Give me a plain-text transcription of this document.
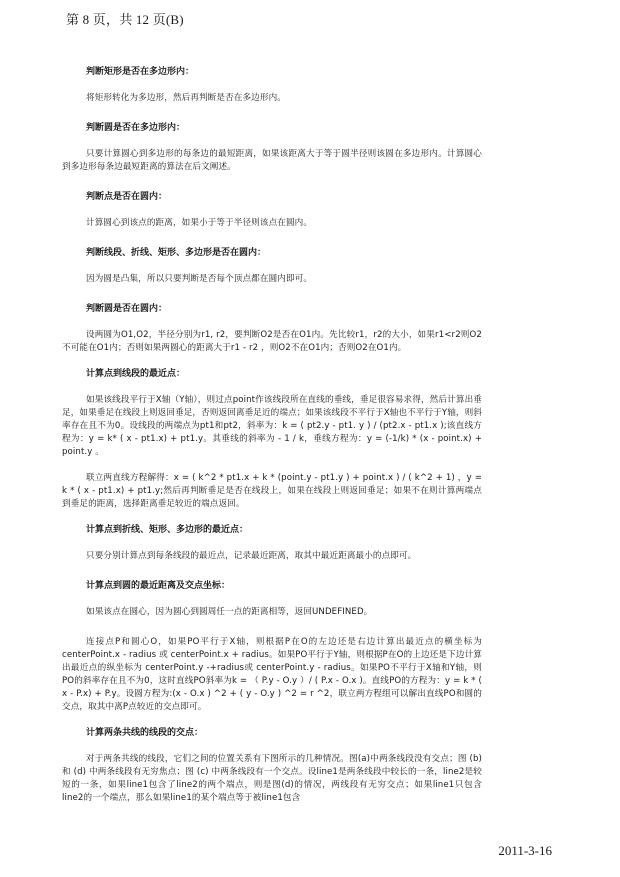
第 8 页，共 12 页(B)
判断矩形是否在多边形内：

将矩形转化为多边形，然后再判断是否在多边形内。

判断圆是否在多边形内：

只要计算圆心到多边形的每条边的最短距离，如果该距离大于等于圆半径则该圆在多边形内。计算圆心到多边形每条边最短距离的算法在后文阐述。

判断点是否在圆内：

计算圆心到该点的距离，如果小于等于半径则该点在圆内。

判断线段、折线、矩形、多边形是否在圆内：

因为圆是凸集，所以只要判断是否每个顶点都在圆内即可。

判断圆是否在圆内：

设两圆为O1,O2，半径分别为r1, r2，要判断O2是否在O1内。先比较r1，r2的大小，如果r1<r2则O2不可能在O1内；否则如果两圆心的距离大于r1 - r2 ，则O2不在O1内；否则O2在O1内。

计算点到线段的最近点：

如果该线段平行于X轴（Y轴），则过点point作该线段所在直线的垂线，垂足很容易求得，然后计算出垂足，如果垂足在线段上则返回垂足，否则返回离垂足近的端点；如果该线段不平行于X轴也不平行于Y轴，则斜率存在且不为0。设线段的两端点为pt1和pt2，斜率为：k = ( pt2.y - pt1. y ) / (pt2.x - pt1.x );该直线方程为：y = k* ( x - pt1.x) + pt1.y。其垂线的斜率为 - 1 / k，垂线方程为：y = (-1/k) * (x - point.x) + point.y 。

联立两直线方程解得：x = ( k^2 * pt1.x + k * (point.y - pt1.y ) + point.x ) / ( k^2 + 1) ，y = k * ( x - pt1.x) + pt1.y;然后再判断垂足是否在线段上，如果在线段上则返回垂足；如果不在则计算两端点到垂足的距离，选择距离垂足较近的端点返回。

计算点到折线、矩形、多边形的最近点：

只要分别计算点到每条线段的最近点，记录最近距离，取其中最近距离最小的点即可。

计算点到圆的最近距离及交点坐标：

如果该点在圆心，因为圆心到圆周任一点的距离相等，返回UNDEFINED。

连接点P和圆心O，如果PO平行于X轴，则根据P在O的左边还是右边计算出最近点的横坐标为centerPoint.x - radius 或 centerPoint.x + radius。如果PO平行于Y轴，则根据P在O的上边还是下边计算出最近点的纵坐标为 centerPoint.y -+radius或 centerPoint.y - radius。如果PO不平行于X轴和Y轴，则PO的斜率存在且不为0，这时直线PO斜率为k = （ P.y - O.y ）/ ( P.x - O.x )。直线PO的方程为：y = k * ( x - P.x) + P.y。设圆方程为:(x - O.x ) ^2 + ( y - O.y ) ^2 = r ^2，联立两方程组可以解出直线PO和圆的交点，取其中离P点较近的交点即可。

计算两条共线的线段的交点：

对于两条共线的线段，它们之间的位置关系有下图所示的几种情况。图(a)中两条线段没有交点；图 (b) 和 (d) 中两条线段有无穷焦点；图 (c) 中两条线段有一个交点。设line1是两条线段中较长的一条，line2是较短的一条，如果line1包含了line2的两个端点，则是图(d)的情况，两线段有无穷交点；如果line1只包含line2的一个端点，那么如果line1的某个端点等于被line1包含

2011-3-16
